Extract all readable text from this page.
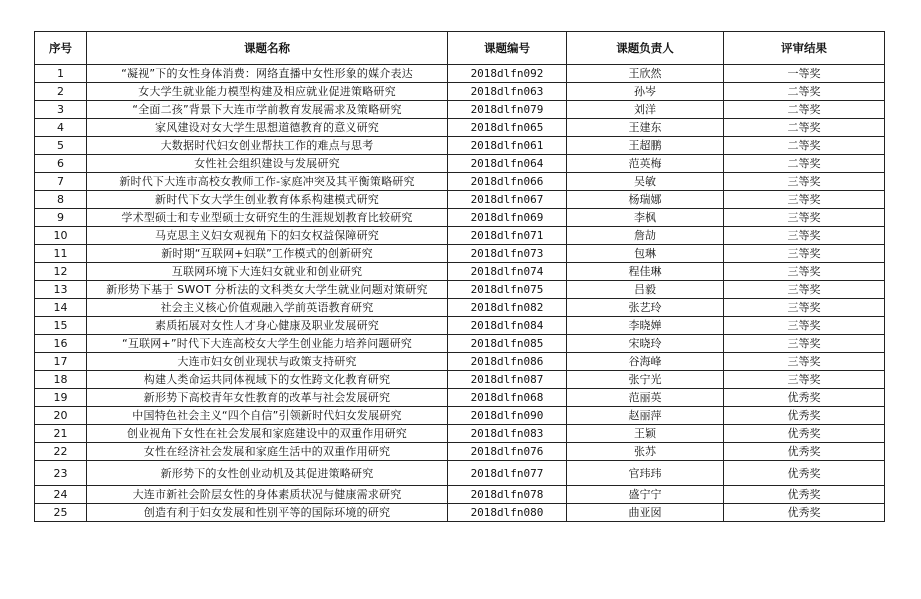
序号	课题名称	课题编号	课题负责人	评审结果
1	“凝视”下的女性身体消费：网络直播中女性形象的媒介表达	2018dlfn092	王欣然	一等奖
2	女大学生就业能力模型构建及相应就业促进策略研究	2018dlfn063	孙岑	二等奖
3	“全面二孩”背景下大连市学前教育发展需求及策略研究	2018dlfn079	刘洋	二等奖
4	家风建设对女大学生思想道德教育的意义研究	2018dlfn065	王建东	二等奖
5	大数据时代妇女创业帮扶工作的难点与思考	2018dlfn061	王超鹏	二等奖
6	女性社会组织建设与发展研究	2018dlfn064	范英梅	二等奖
7	新时代下大连市高校女教师工作-家庭冲突及其平衡策略研究	2018dlfn066	吴敏	三等奖
8	新时代下女大学生创业教育体系构建模式研究	2018dlfn067	杨瑞娜	三等奖
9	学术型硕士和专业型硕士女研究生的生涯规划教育比较研究	2018dlfn069	李枫	三等奖
10	马克思主义妇女观视角下的妇女权益保障研究	2018dlfn071	詹劼	三等奖
11	新时期“互联网+妇联”工作模式的创新研究	2018dlfn073	包琳	三等奖
12	互联网环境下大连妇女就业和创业研究	2018dlfn074	程佳琳	三等奖
13	新形势下基于 SWOT 分析法的文科类女大学生就业问题对策研究	2018dlfn075	吕毅	三等奖
14	社会主义核心价值观融入学前英语教育研究	2018dlfn082	张艺玲	三等奖
15	素质拓展对女性人才身心健康及职业发展研究	2018dlfn084	李晓婵	三等奖
16	“互联网+”时代下大连高校女大学生创业能力培养问题研究	2018dlfn085	宋晓玲	三等奖
17	大连市妇女创业现状与政策支持研究	2018dlfn086	谷海峰	三等奖
18	构建人类命运共同体视域下的女性跨文化教育研究	2018dlfn087	张宁光	三等奖
19	新形势下高校青年女性教育的改革与社会发展研究	2018dlfn068	范丽英	优秀奖
20	中国特色社会主义“四个自信”引领新时代妇女发展研究	2018dlfn090	赵丽萍	优秀奖
21	创业视角下女性在社会发展和家庭建设中的双重作用研究	2018dlfn083	王颖	优秀奖
22	女性在经济社会发展和家庭生活中的双重作用研究	2018dlfn076	张苏	优秀奖
23	新形势下的女性创业动机及其促进策略研究	2018dlfn077	官玮玮	优秀奖
24	大连市新社会阶层女性的身体素质状况与健康需求研究	2018dlfn078	盛宁宁	优秀奖
25	创造有利于妇女发展和性别平等的国际环境的研究	2018dlfn080	曲亚囡	优秀奖
